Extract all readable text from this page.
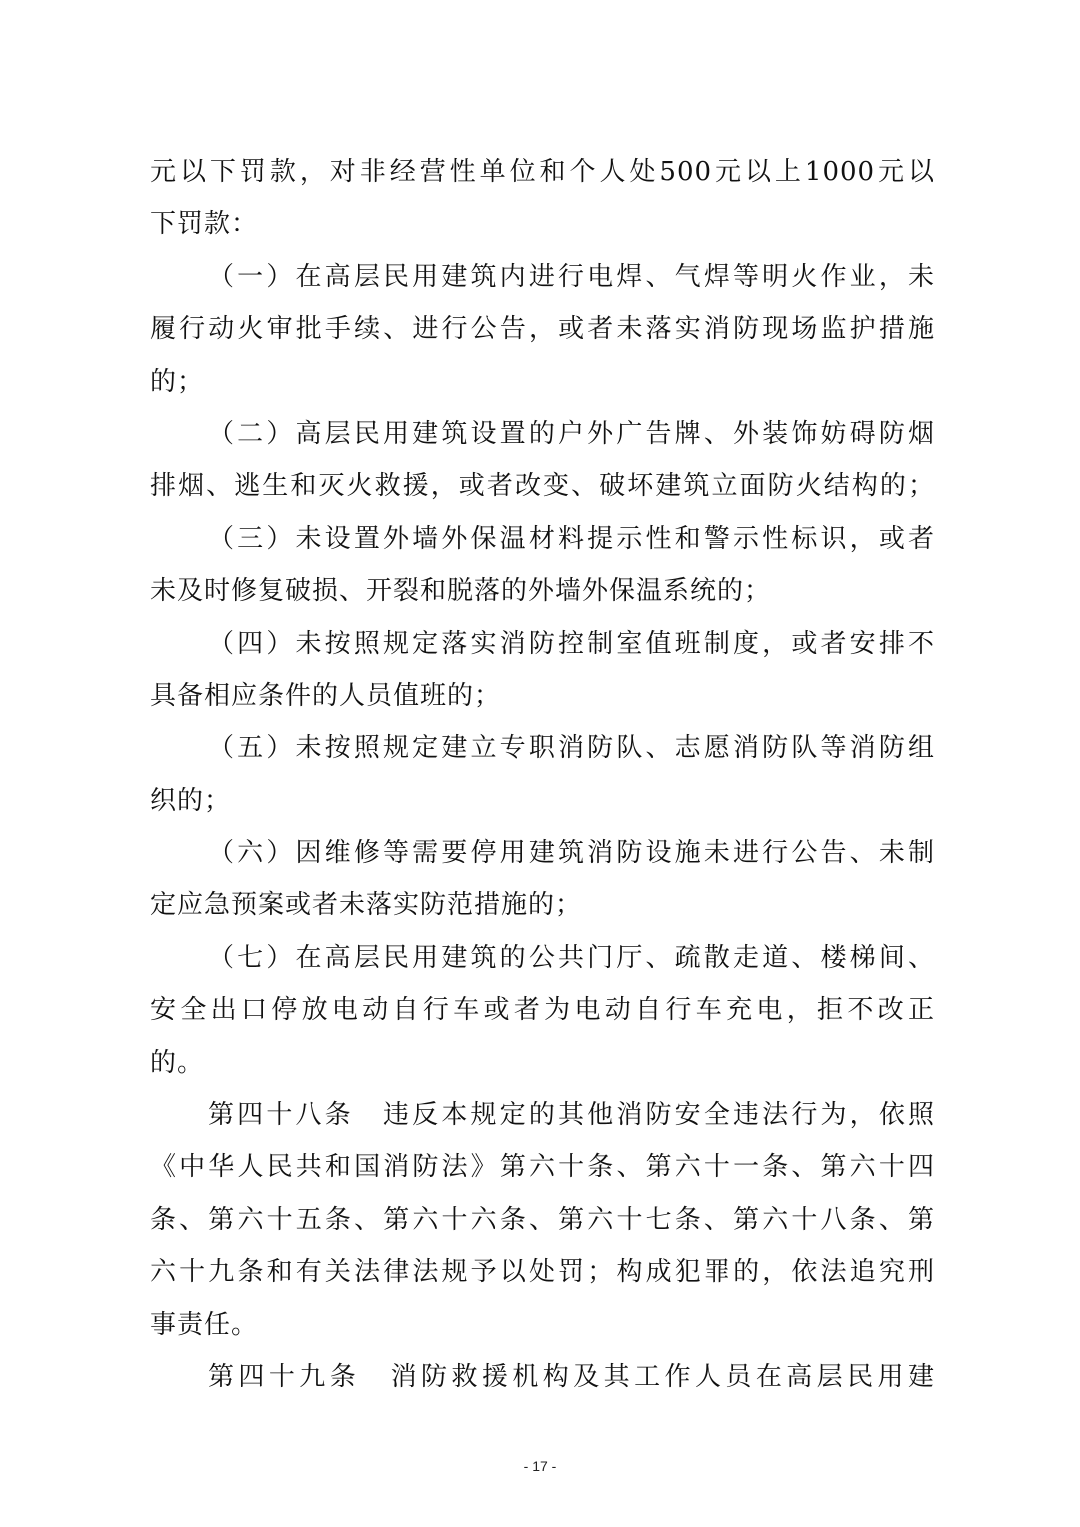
元以下罚款，对非经营性单位和个人处500元以上1000元以
下罚款：
（一）在高层民用建筑内进行电焊、气焊等明火作业，未
履行动火审批手续、进行公告，或者未落实消防现场监护措施
的；
（二）高层民用建筑设置的户外广告牌、外装饰妨碍防烟
排烟、逃生和灭火救援，或者改变、破坏建筑立面防火结构的；
（三）未设置外墙外保温材料提示性和警示性标识，或者
未及时修复破损、开裂和脱落的外墙外保温系统的；
（四）未按照规定落实消防控制室值班制度，或者安排不
具备相应条件的人员值班的；
（五）未按照规定建立专职消防队、志愿消防队等消防组
织的；
（六）因维修等需要停用建筑消防设施未进行公告、未制
定应急预案或者未落实防范措施的；
（七）在高层民用建筑的公共门厅、疏散走道、楼梯间、
安全出口停放电动自行车或者为电动自行车充电，拒不改正
的。
第四十八条　违反本规定的其他消防安全违法行为，依照
《中华人民共和国消防法》第六十条、第六十一条、第六十四
条、第六十五条、第六十六条、第六十七条、第六十八条、第
六十九条和有关法律法规予以处罚；构成犯罪的，依法追究刑
事责任。
第四十九条　消防救援机构及其工作人员在高层民用建
- 17 -
